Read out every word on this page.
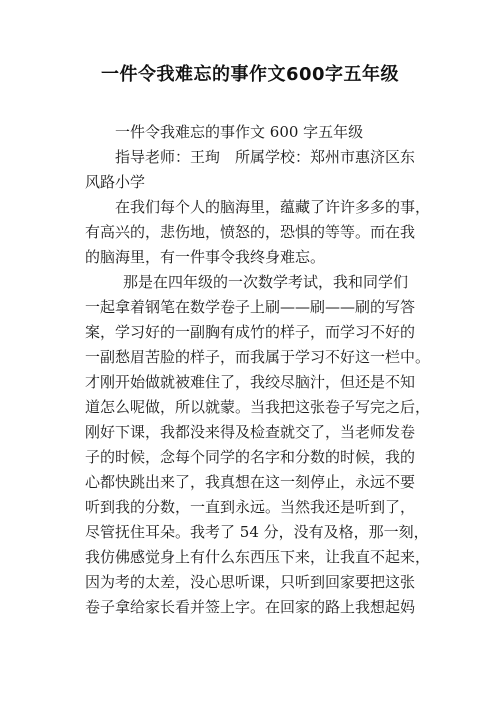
一件令我难忘的事作文600字五年级
一件令我难忘的事作文 600 字五年级
指导老师：王珣　所属学校：郑州市惠济区东
风路小学
在我们每个人的脑海里，蕴藏了许许多多的事，
有高兴的，悲伤地，愤怒的，恐惧的等等。而在我
的脑海里，有一件事令我终身难忘。
那是在四年级的一次数学考试，我和同学们
一起拿着钢笔在数学卷子上刷——刷——刷的写答
案，学习好的一副胸有成竹的样子，而学习不好的
一副愁眉苦脸的样子，而我属于学习不好这一栏中。
才刚开始做就被难住了，我绞尽脑汁，但还是不知
道怎么呢做，所以就蒙。当我把这张卷子写完之后，
刚好下课，我都没来得及检查就交了，当老师发卷
子的时候，念每个同学的名字和分数的时候，我的
心都快跳出来了，我真想在这一刻停止，永远不要
听到我的分数，一直到永远。当然我还是听到了，
尽管抚住耳朵。我考了 54 分，没有及格，那一刻，
我仿佛感觉身上有什么东西压下来，让我直不起来，
因为考的太差，没心思听课，只听到回家要把这张
卷子拿给家长看并签上字。在回家的路上我想起妈
